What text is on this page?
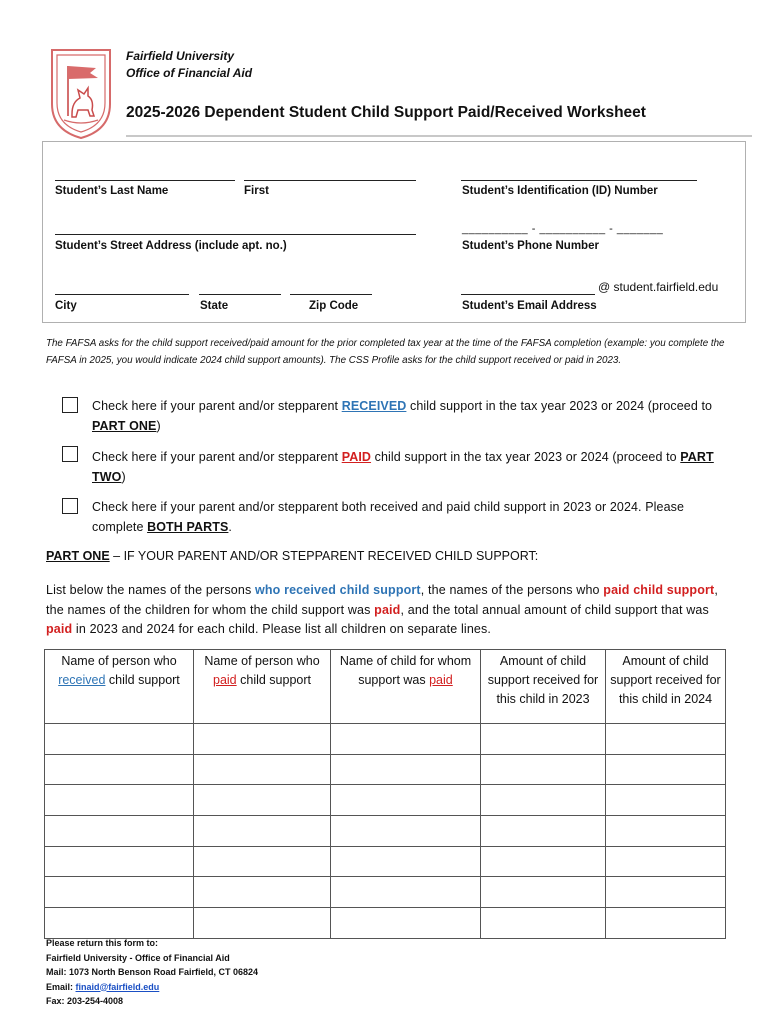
Fairfield University
Office of Financial Aid
2025-2026 Dependent Student Child Support Paid/Received Worksheet
Student’s Last Name	First	Student’s Identification (ID) Number
__________ - __________ - _______
Student’s Street Address (include apt. no.)	Student’s Phone Number
@ student.fairfield.edu
City	State	Zip Code	Student’s Email Address
The FAFSA asks for the child support received/paid amount for the prior completed tax year at the time of the FAFSA completion (example: you complete the FAFSA in 2025, you would indicate 2024 child support amounts). The CSS Profile asks for the child support received or paid in 2023.
Check here if your parent and/or stepparent RECEIVED child support in the tax year 2023 or 2024 (proceed to PART ONE)
Check here if your parent and/or stepparent PAID child support in the tax year 2023 or 2024 (proceed to PART TWO)
Check here if your parent and/or stepparent both received and paid child support in 2023 or 2024. Please complete BOTH PARTS.
PART ONE – IF YOUR PARENT AND/OR STEPPARENT RECEIVED CHILD SUPPORT:
List below the names of the persons who received child support, the names of the persons who paid child support, the names of the children for whom the child support was paid, and the total annual amount of child support that was paid in 2023 and 2024 for each child. Please list all children on separate lines.
Name of person who received child support	Name of person who paid child support	Name of child for whom support was paid	Amount of child support received for this child in 2023	Amount of child support received for this child in 2024

Please return this form to:
Fairfield University - Office of Financial Aid
Mail: 1073 North Benson Road Fairfield, CT 06824
Email: finaid@fairfield.edu
Fax: 203-254-4008
